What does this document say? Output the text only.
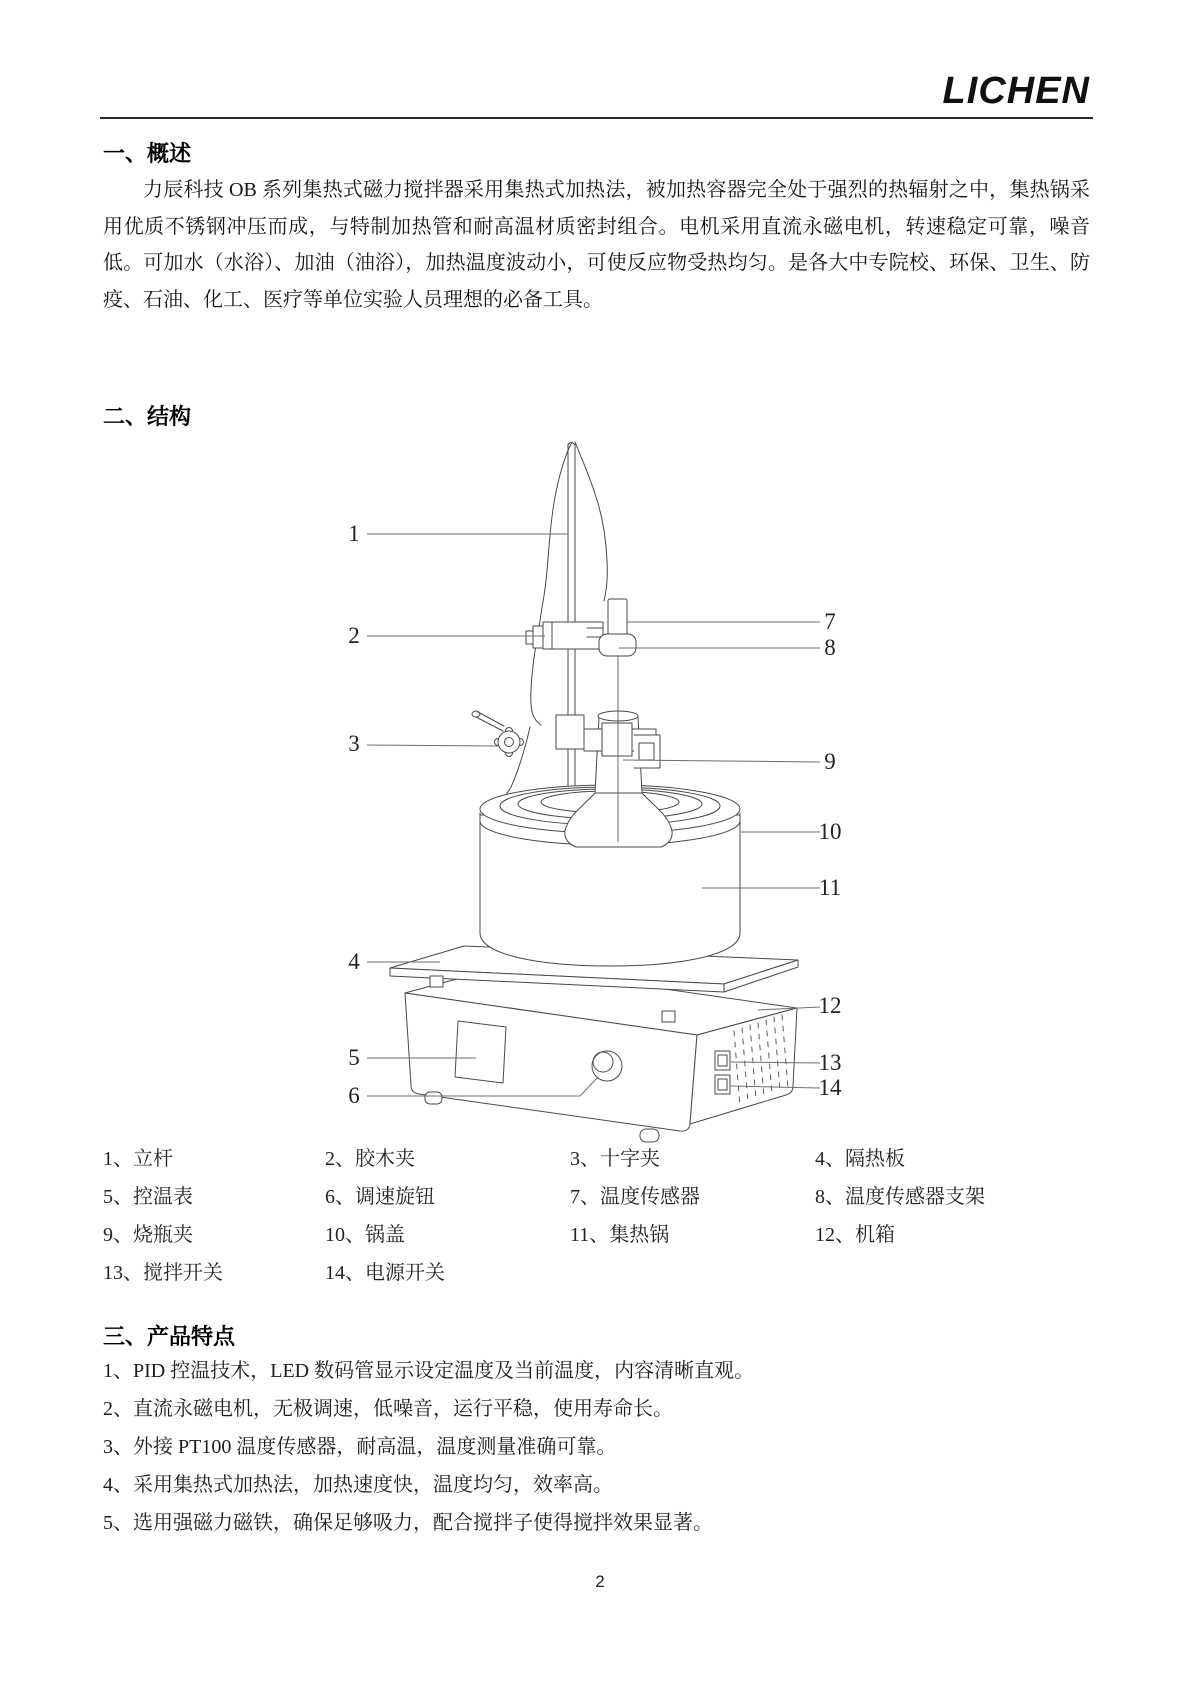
LICHEN
一、概述

力辰科技 OB 系列集热式磁力搅拌器采用集热式加热法，被加热容器完全处于强烈的热辐射之中，集热锅采用优质不锈钢冲压而成，与特制加热管和耐高温材质密封组合。电机采用直流永磁电机，转速稳定可靠，噪音低。可加水（水浴）、加油（油浴），加热温度波动小，可使反应物受热均匀。是各大中专院校、环保、卫生、防疫、石油、化工、医疗等单位实验人员理想的必备工具。

二、结构
1
2
3
4
5
6
7
8
9
10
11
12
13
14
1、立杆	2、胶木夹	3、十字夹	4、隔热板
5、控温表	6、调速旋钮	7、温度传感器	8、温度传感器支架
9、烧瓶夹	10、锅盖	11、集热锅	12、机箱
13、搅拌开关	14、电源开关
三、产品特点
1、PID 控温技术，LED 数码管显示设定温度及当前温度，内容清晰直观。
2、直流永磁电机，无极调速，低噪音，运行平稳，使用寿命长。
3、外接 PT100 温度传感器，耐高温，温度测量准确可靠。
4、采用集热式加热法，加热速度快，温度均匀，效率高。
5、选用强磁力磁铁，确保足够吸力，配合搅拌子使得搅拌效果显著。
2
